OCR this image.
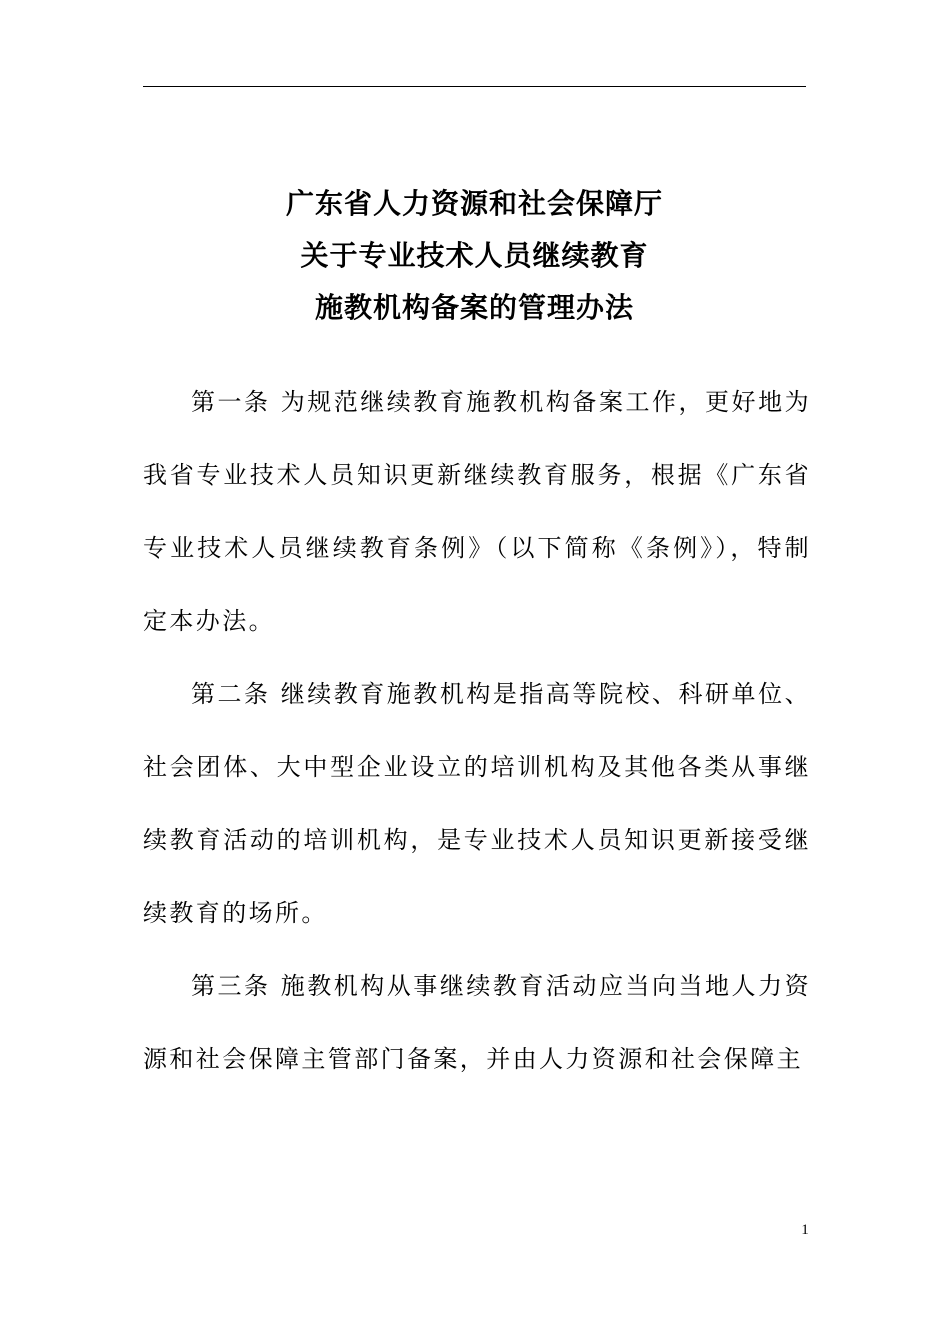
广东省人力资源和社会保障厅
关于专业技术人员继续教育
施教机构备案的管理办法

第一条 为规范继续教育施教机构备案工作，更好地为我省专业技术人员知识更新继续教育服务，根据《广东省专业技术人员继续教育条例》（以下简称《条例》），特制定本办法。

第二条 继续教育施教机构是指高等院校、科研单位、社会团体、大中型企业设立的培训机构及其他各类从事继续教育活动的培训机构，是专业技术人员知识更新接受继续教育的场所。

第三条 施教机构从事继续教育活动应当向当地人力资源和社会保障主管部门备案，并由人力资源和社会保障主

1
